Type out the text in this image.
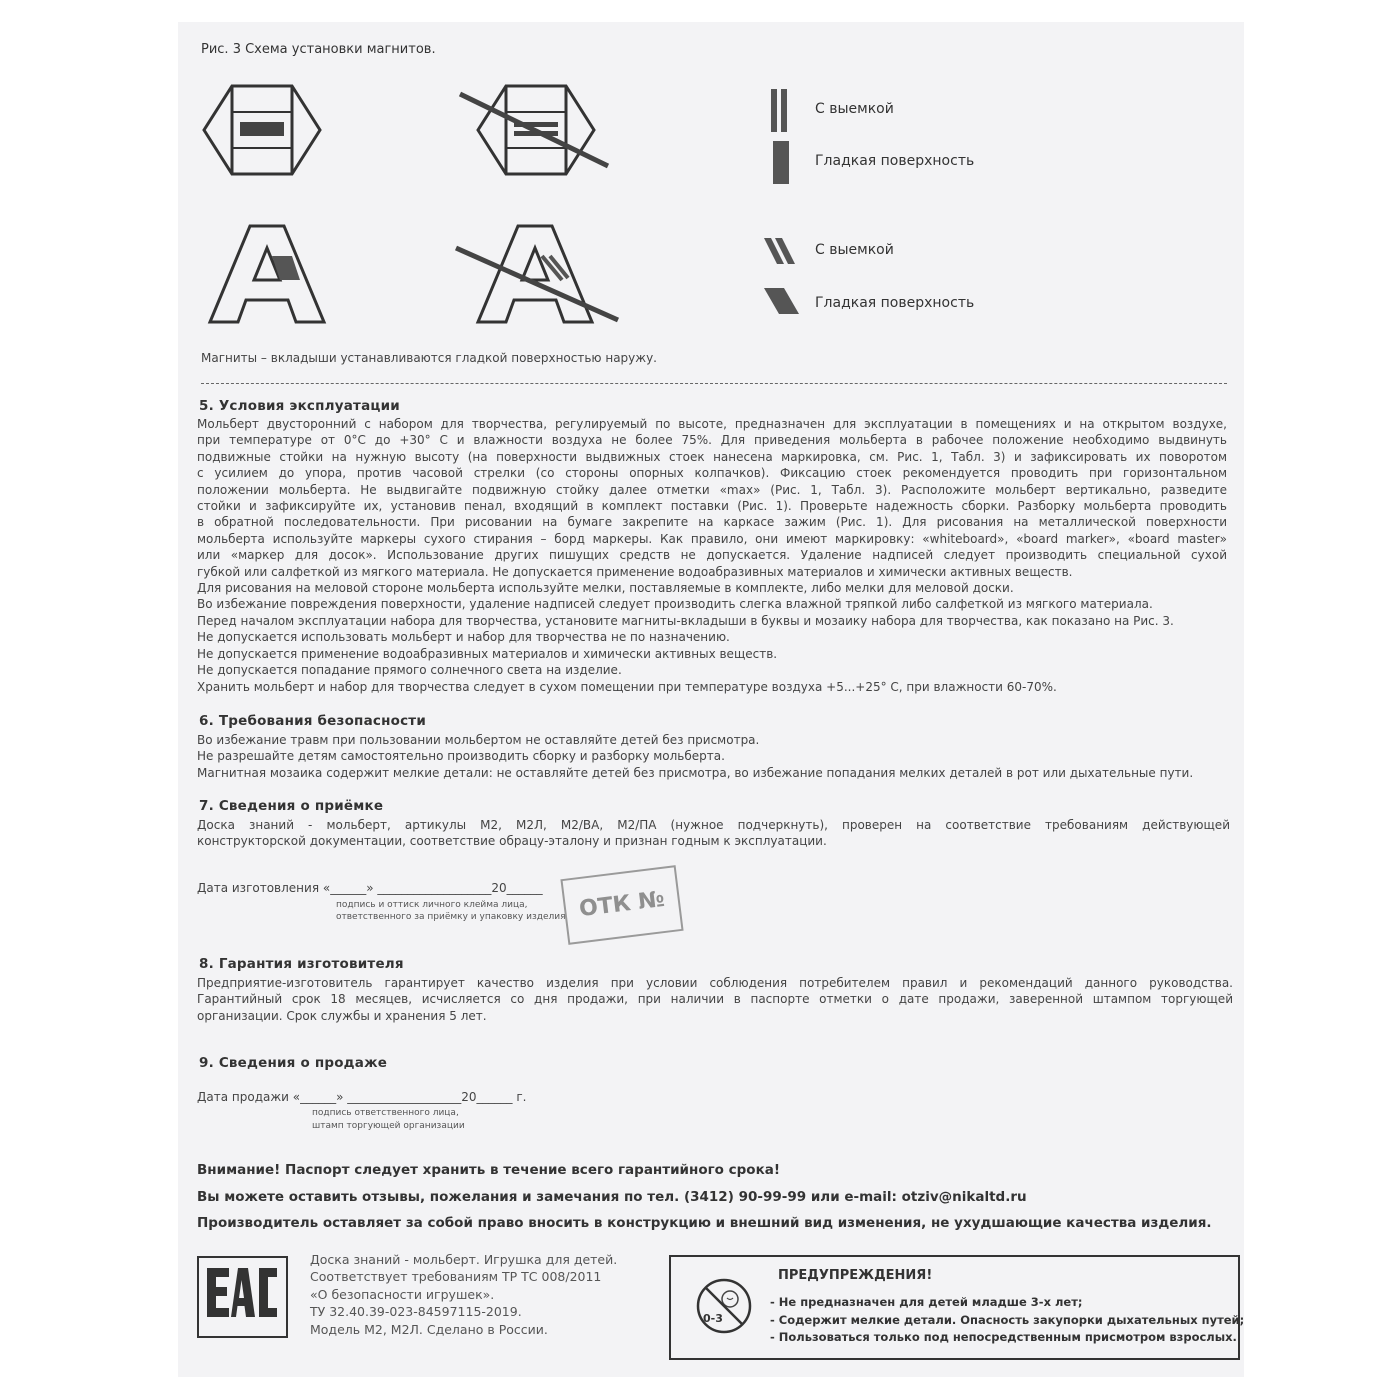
Рис. 3 Схема установки магнитов.
С выемкой
Гладкая поверхность
С выемкой
Гладкая поверхность
Магниты – вкладыши устанавливаются гладкой поверхностью наружу.
5. Условия эксплуатации
Мольберт двусторонний с набором для творчества, регулируемый по высоте, предназначен для эксплуатации в помещениях и на открытом воздухе,
при температуре от 0°C до +30° C и влажности воздуха не более 75%. Для приведения мольберта в рабочее положение необходимо выдвинуть
подвижные стойки на нужную высоту (на поверхности выдвижных стоек нанесена маркировка, см. Рис. 1, Табл. 3) и зафиксировать их поворотом
с усилием до упора, против часовой стрелки (со стороны опорных колпачков). Фиксацию стоек рекомендуется проводить при горизонтальном
положении мольберта. Не выдвигайте подвижную стойку далее отметки «max» (Рис. 1, Табл. 3). Расположите мольберт вертикально, разведите
стойки и зафиксируйте их, установив пенал, входящий в комплект поставки (Рис. 1). Проверьте надежность сборки. Разборку мольберта проводить
в обратной последовательности. При рисовании на бумаге закрепите на каркасе зажим (Рис. 1). Для рисования на металлической поверхности
мольберта используйте маркеры сухого стирания – борд маркеры. Как правило, они имеют маркировку: «whiteboard», «board marker», «board master»
или «маркер для досок». Использование других пишущих средств не допускается. Удаление надписей следует производить специальной сухой
губкой или салфеткой из мягкого материала. Не допускается применение водоабразивных материалов и химически активных веществ.
Для рисования на меловой стороне мольберта используйте мелки, поставляемые в комплекте, либо мелки для меловой доски.
Во избежание повреждения поверхности, удаление надписей следует производить слегка влажной тряпкой либо салфеткой из мягкого материала.
Перед началом эксплуатации набора для творчества, установите магниты-вкладыши в буквы и мозаику набора для творчества, как показано на Рис. 3.
Не допускается использовать мольберт и набор для творчества не по назначению.
Не допускается применение водоабразивных материалов и химически активных веществ.
Не допускается попадание прямого солнечного света на изделие.
Хранить мольберт и набор для творчества следует в сухом помещении при температуре воздуха +5...+25° C, при влажности 60-70%.
6. Требования безопасности
Во избежание травм при пользовании мольбертом не оставляйте детей без присмотра.
Не разрешайте детям самостоятельно производить сборку и разборку мольберта.
Магнитная мозаика содержит мелкие детали: не оставляйте детей без присмотра, во избежание попадания мелких деталей в рот или дыхательные пути.
7. Сведения о приёмке
Доска знаний - мольберт, артикулы М2, М2Л, М2/ВА, М2/ПА (нужное подчеркнуть), проверен на соответствие требованиям действующей
конструкторской документации, соответствие обрацу-эталону и признан годным к эксплуатации.
Дата изготовления «______» ___________________20______
подпись и оттиск личного клейма лица,
ответственного за приёмку и упаковку изделия ОТК №
8. Гарантия изготовителя
Предприятие-изготовитель гарантирует качество изделия при условии соблюдения потребителем правил и рекомендаций данного руководства.
Гарантийный срок 18 месяцев, исчисляется со дня продажи, при наличии в паспорте отметки о дате продажи, заверенной штампом торгующей
организации. Срок службы и хранения 5 лет.
9. Сведения о продаже
Дата продажи «______» ___________________20______ г.
подпись ответственного лица,
штамп торгующей организации
Внимание! Паспорт следует хранить в течение всего гарантийного срока!
Вы можете оставить отзывы, пожелания и замечания по тел. (3412) 90-99-99 или e-mail: otziv@nikaltd.ru
Производитель оставляет за собой право вносить в конструкцию и внешний вид изменения, не ухудшающие качества изделия.
Доска знаний - мольберт. Игрушка для детей.
Соответствует требованиям ТР ТС 008/2011
«О безопасности игрушек».
ТУ 32.40.39-023-84597115-2019.
Модель М2, М2Л. Сделано в России.
0-3
ПРЕДУПРЕЖДЕНИЯ!
- Не предназначен для детей младше 3-х лет;
- Содержит мелкие детали. Опасность закупорки дыхательных путей;
- Пользоваться только под непосредственным присмотром взрослых.
